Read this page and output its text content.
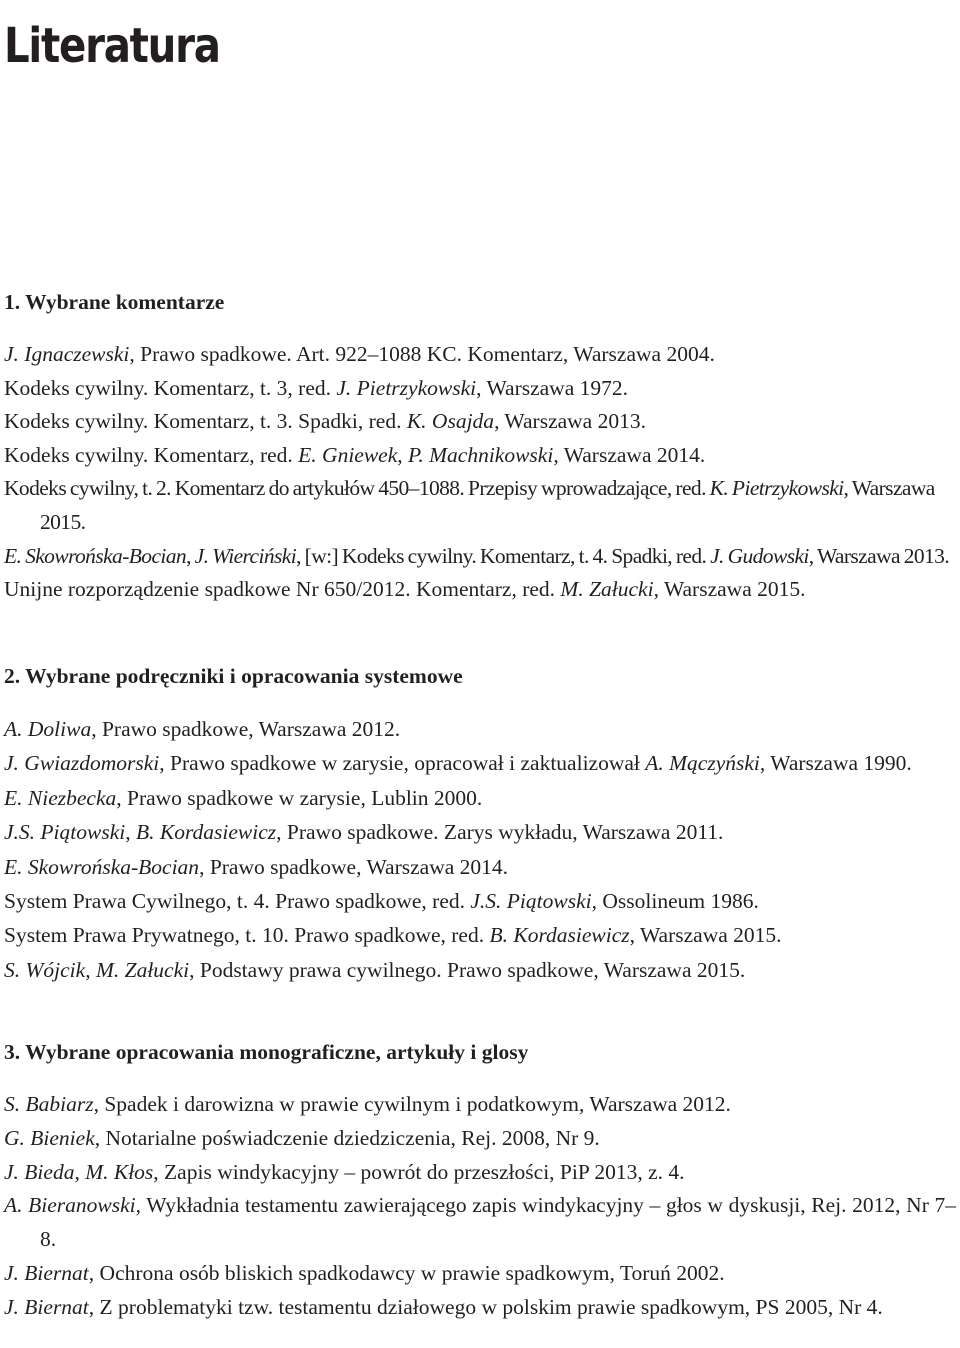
Literatura
1. Wybrane komentarze
J. Ignaczewski, Prawo spadkowe. Art. 922–1088 KC. Komentarz, Warszawa 2004.
Kodeks cywilny. Komentarz, t. 3, red. J. Pietrzykowski, Warszawa 1972.
Kodeks cywilny. Komentarz, t. 3. Spadki, red. K. Osajda, Warszawa 2013.
Kodeks cywilny. Komentarz, red. E. Gniewek, P. Machnikowski, Warszawa 2014.
Kodeks cywilny, t. 2. Komentarz do artykułów 450–1088. Przepisy wprowadzające, red. K. Pietrzykowski, Warszawa 2015.
E. Skowrońska-Bocian, J. Wierciński, [w:] Kodeks cywilny. Komentarz, t. 4. Spadki, red. J. Gudowski, Warszawa 2013.
Unijne rozporządzenie spadkowe Nr 650/2012. Komentarz, red. M. Załucki, Warszawa 2015.
2. Wybrane podręczniki i opracowania systemowe
A. Doliwa, Prawo spadkowe, Warszawa 2012.
J. Gwiazdomorski, Prawo spadkowe w zarysie, opracował i zaktualizował A. Mączyński, Warszawa 1990.
E. Niezbecka, Prawo spadkowe w zarysie, Lublin 2000.
J.S. Piątowski, B. Kordasiewicz, Prawo spadkowe. Zarys wykładu, Warszawa 2011.
E. Skowrońska-Bocian, Prawo spadkowe, Warszawa 2014.
System Prawa Cywilnego, t. 4. Prawo spadkowe, red. J.S. Piątowski, Ossolineum 1986.
System Prawa Prywatnego, t. 10. Prawo spadkowe, red. B. Kordasiewicz, Warszawa 2015.
S. Wójcik, M. Załucki, Podstawy prawa cywilnego. Prawo spadkowe, Warszawa 2015.
3. Wybrane opracowania monograficzne, artykuły i glosy
S. Babiarz, Spadek i darowizna w prawie cywilnym i podatkowym, Warszawa 2012.
G. Bieniek, Notarialne poświadczenie dziedziczenia, Rej. 2008, Nr 9.
J. Bieda, M. Kłos, Zapis windykacyjny – powrót do przeszłości, PiP 2013, z. 4.
A. Bieranowski, Wykładnia testamentu zawierającego zapis windykacyjny – głos w dyskusji, Rej. 2012, Nr 7–8.
J. Biernat, Ochrona osób bliskich spadkodawcy w prawie spadkowym, Toruń 2002.
J. Biernat, Z problematyki tzw. testamentu działowego w polskim prawie spadkowym, PS 2005, Nr 4.
